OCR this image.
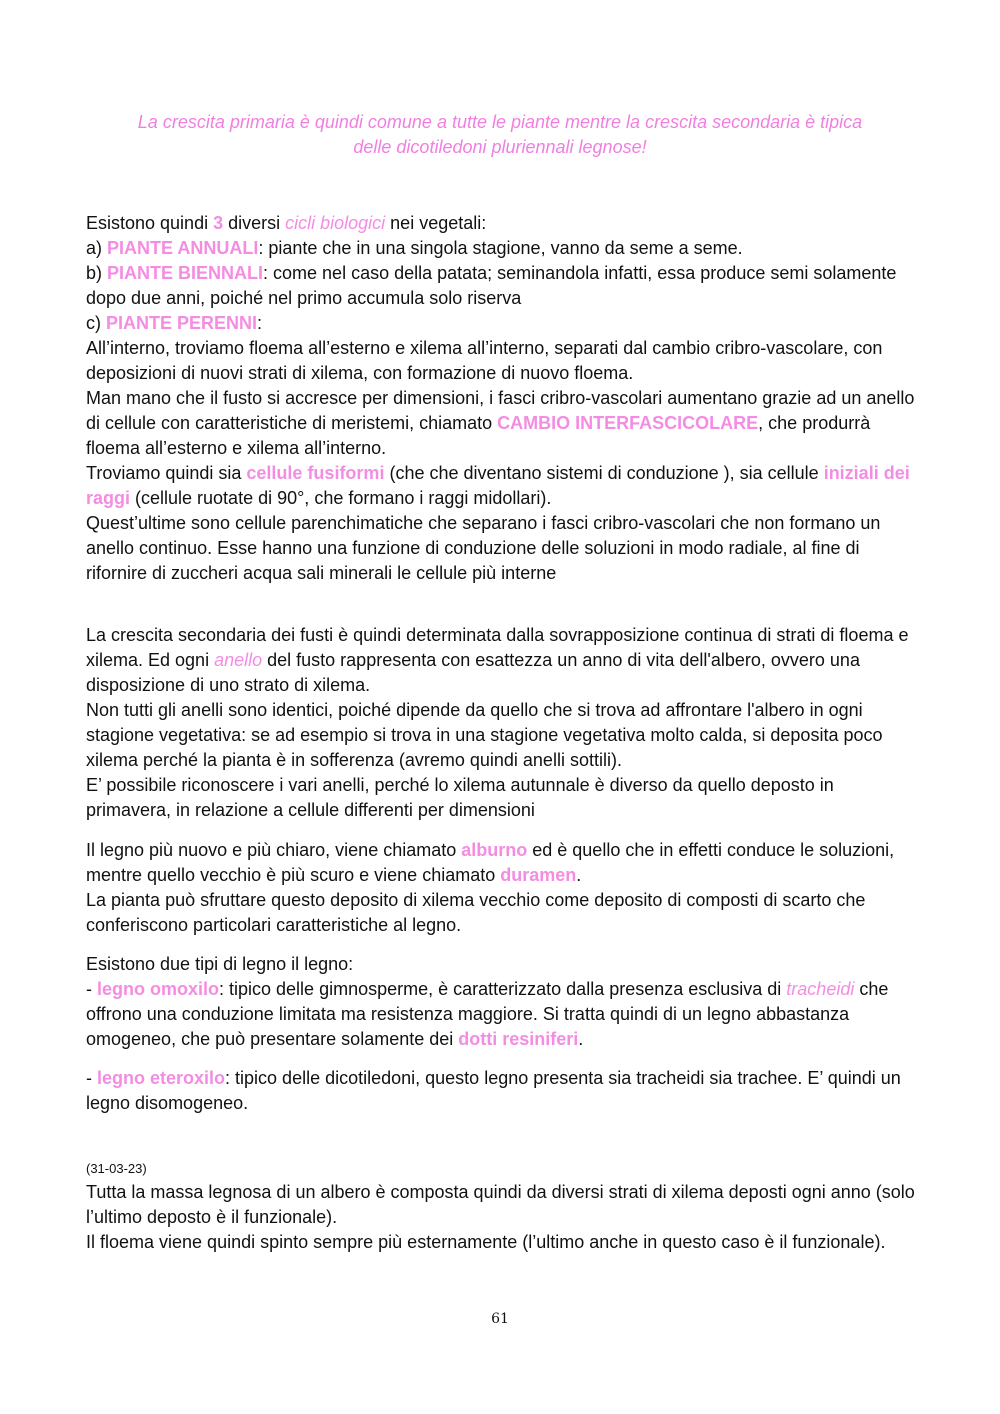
La crescita primaria è quindi comune a tutte le piante mentre la crescita secondaria è tipica
delle dicotiledoni pluriennali legnose!

Esistono quindi 3 diversi cicli biologici nei vegetali:

a) PIANTE ANNUALI: piante che in una singola stagione, vanno da seme a seme.

b) PIANTE BIENNALI: come nel caso della patata; seminandola infatti, essa produce semi solamente dopo due anni, poiché nel primo accumula solo riserva

c) PIANTE PERENNI:

All’interno, troviamo floema all’esterno e xilema all’interno, separati dal cambio cribro-vascolare, con deposizioni di nuovi strati di xilema, con formazione di nuovo floema.

Man mano che il fusto si accresce per dimensioni, i fasci cribro-vascolari aumentano grazie ad un anello di cellule con caratteristiche di meristemi, chiamato CAMBIO INTERFASCICOLARE, che produrrà floema all’esterno e xilema all’interno.

Troviamo quindi sia cellule fusiformi (che che diventano sistemi di conduzione ), sia cellule iniziali dei raggi (cellule ruotate di 90°, che formano i raggi midollari).

Quest’ultime sono cellule parenchimatiche che separano i fasci cribro-vascolari che non formano un anello continuo. Esse hanno una funzione di conduzione delle soluzioni in modo radiale, al fine di rifornire di zuccheri acqua sali minerali le cellule più interne

La crescita secondaria dei fusti è quindi determinata dalla sovrapposizione continua di strati di floema e xilema. Ed ogni anello del fusto rappresenta con esattezza un anno di vita dell'albero, ovvero una disposizione di uno strato di xilema.

Non tutti gli anelli sono identici, poiché dipende da quello che si trova ad affrontare l'albero in ogni stagione vegetativa: se ad esempio si trova in una stagione vegetativa molto calda, si deposita poco xilema perché la pianta è in sofferenza (avremo quindi anelli sottili).

E’ possibile riconoscere i vari anelli, perché lo xilema autunnale è diverso da quello deposto in primavera, in relazione a cellule differenti per dimensioni

Il legno più nuovo e più chiaro, viene chiamato alburno ed è quello che in effetti conduce le soluzioni, mentre quello vecchio è più scuro e viene chiamato duramen.

La pianta può sfruttare questo deposito di xilema vecchio come deposito di composti di scarto che conferiscono particolari caratteristiche al legno.

Esistono due tipi di legno il legno:

- legno omoxilo: tipico delle gimnosperme, è caratterizzato dalla presenza esclusiva di tracheidi che offrono una conduzione limitata ma resistenza maggiore. Si tratta quindi di un legno abbastanza omogeneo, che può presentare solamente dei dotti resiniferi.

- legno eteroxilo: tipico delle dicotiledoni, questo legno presenta sia tracheidi sia trachee. E’ quindi un legno disomogeneo.

(31-03-23)

Tutta la massa legnosa di un albero è composta quindi da diversi strati di xilema deposti ogni anno (solo l’ultimo deposto è il funzionale).

Il floema viene quindi spinto sempre più esternamente (l’ultimo anche in questo caso è il funzionale).

61
